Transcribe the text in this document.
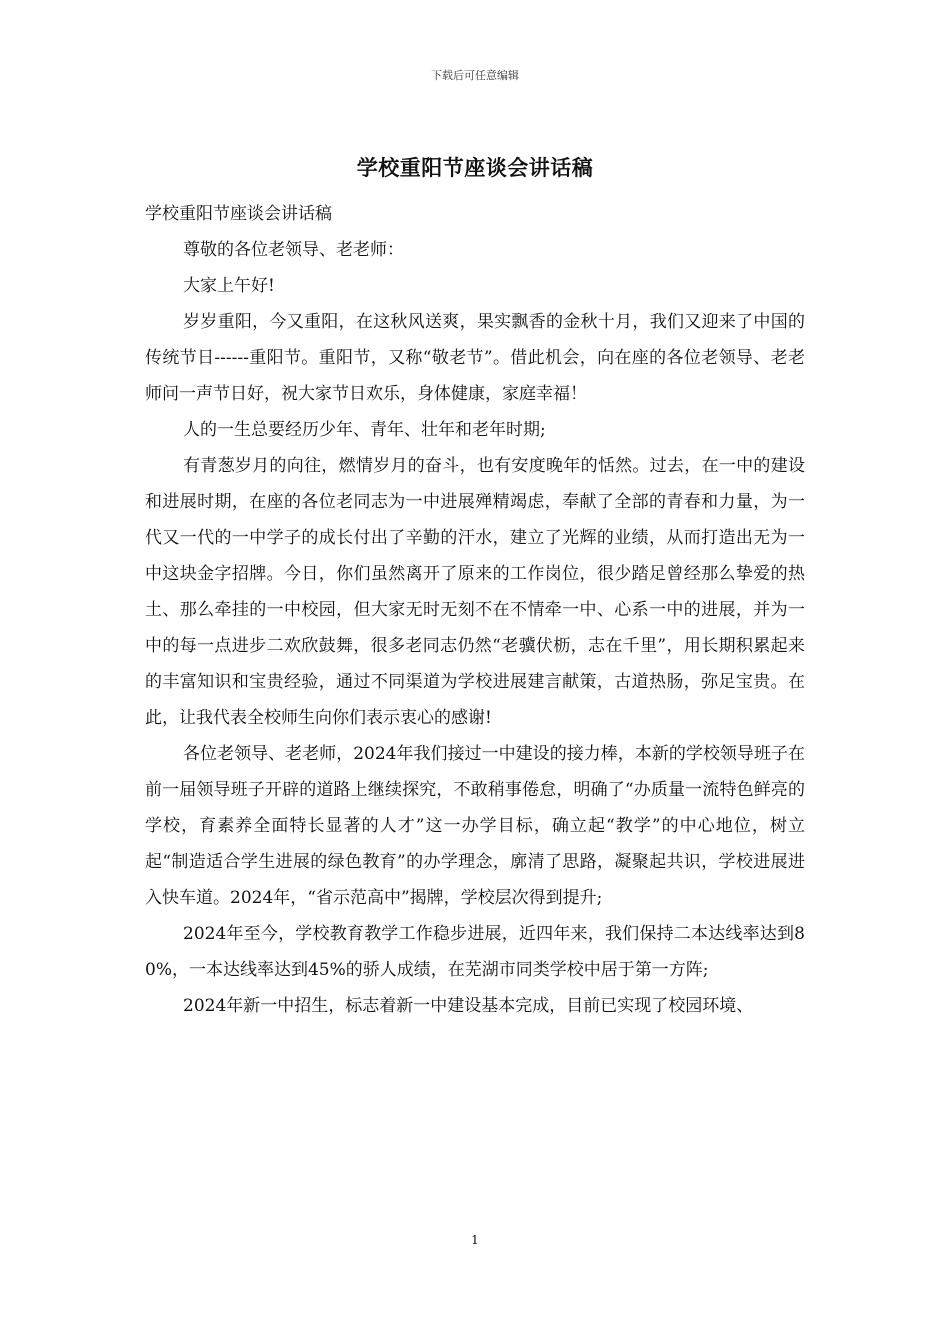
下载后可任意编辑
学校重阳节座谈会讲话稿

学校重阳节座谈会讲话稿

尊敬的各位老领导、老老师：

大家上午好!

岁岁重阳，今又重阳，在这秋风送爽，果实飘香的金秋十月，我们又迎来了中国的传统节日------重阳节。重阳节，又称“敬老节”。借此机会，向在座的各位老领导、老老师问一声节日好，祝大家节日欢乐，身体健康，家庭幸福！

人的一生总要经历少年、青年、壮年和老年时期;

有青葱岁月的向往，燃情岁月的奋斗，也有安度晚年的恬然。过去，在一中的建设和进展时期，在座的各位老同志为一中进展殚精竭虑，奉献了全部的青春和力量，为一代又一代的一中学子的成长付出了辛勤的汗水，建立了光辉的业绩，从而打造出无为一中这块金字招牌。今日，你们虽然离开了原来的工作岗位，很少踏足曾经那么挚爱的热土、那么牵挂的一中校园，但大家无时无刻不在不情牵一中、心系一中的进展，并为一中的每一点进步二欢欣鼓舞，很多老同志仍然“老骥伏枥，志在千里”，用长期积累起来的丰富知识和宝贵经验，通过不同渠道为学校进展建言献策，古道热肠，弥足宝贵。在此，让我代表全校师生向你们表示衷心的感谢!

各位老领导、老老师，2024年我们接过一中建设的接力棒，本新的学校领导班子在前一届领导班子开辟的道路上继续探究，不敢稍事倦怠，明确了“办质量一流特色鲜亮的学校，育素养全面特长显著的人才”这一办学目标，确立起“教学”的中心地位，树立起“制造适合学生进展的绿色教育”的办学理念，廓清了思路，凝聚起共识，学校进展进入快车道。2024年，“省示范高中”揭牌，学校层次得到提升;

2024年至今，学校教育教学工作稳步进展，近四年来，我们保持二本达线率达到80%，一本达线率达到45%的骄人成绩，在芜湖市同类学校中居于第一方阵;

2024年新一中招生，标志着新一中建设基本完成，目前已实现了校园环境、

1
